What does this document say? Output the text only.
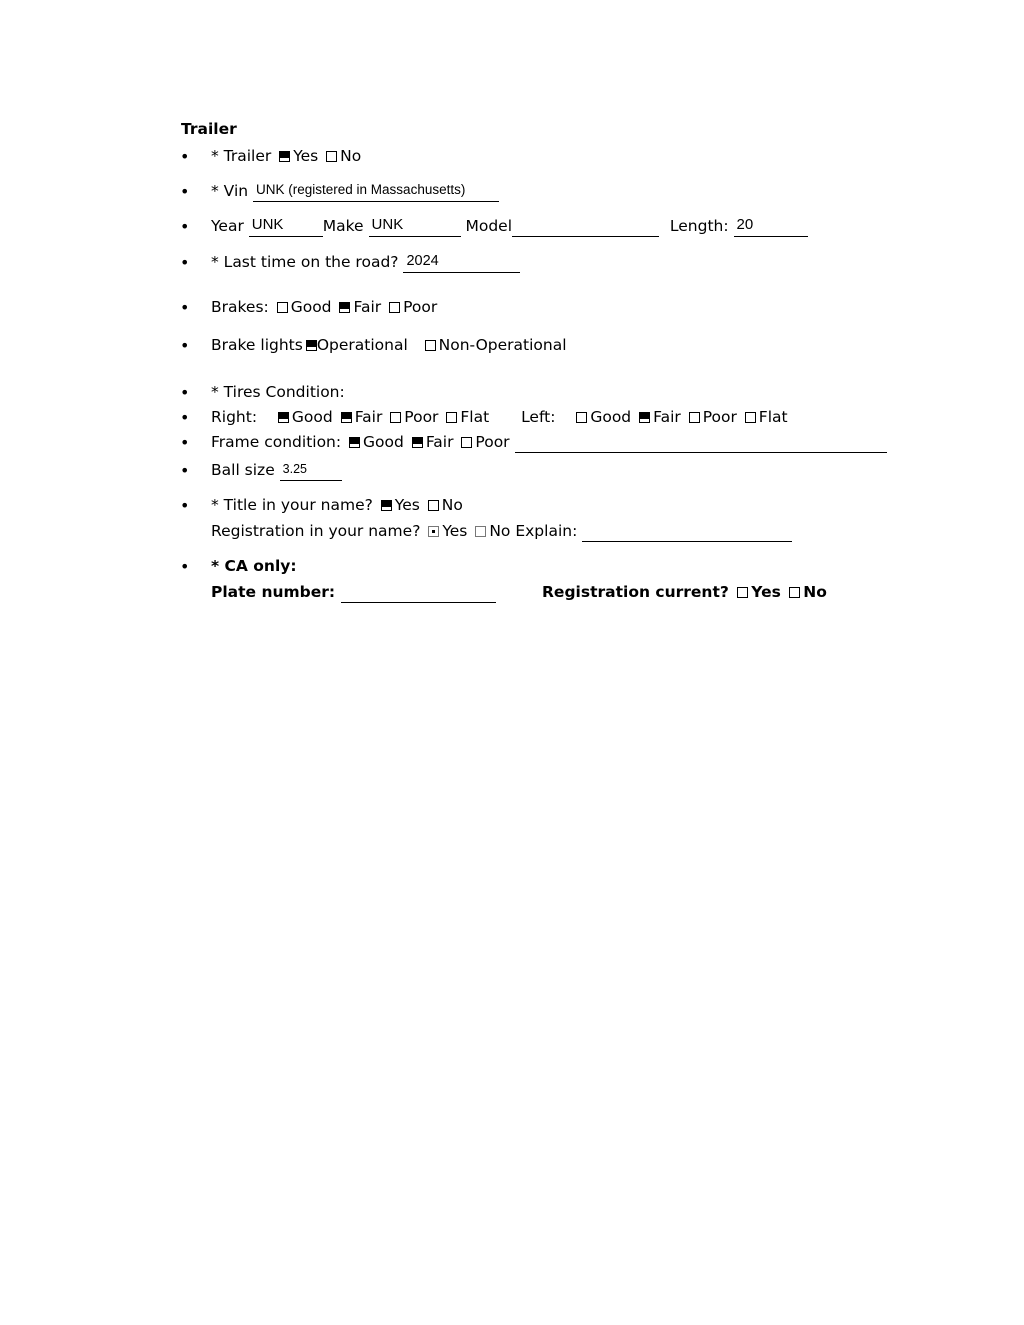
Trailer
•
•
•
•
•
•
•
•
•
•
•
•
* Trailer Yes No
* Vin UNK (registered in Massachusetts)
Year UNK	Make UNK	Model	Length: 20
* Last time on the road? 2024
Brakes: Good Fair Poor
Brake lights Operational Non-Operational
* Tires Condition:
Right: Good Fair Poor Flat Left: Good Fair Poor Flat
Frame condition: Good Fair Poor
Ball size 3.25
* Title in your name? Yes No
Registration in your name? Yes No Explain:
* CA only:
Plate number:	Registration current? Yes No
